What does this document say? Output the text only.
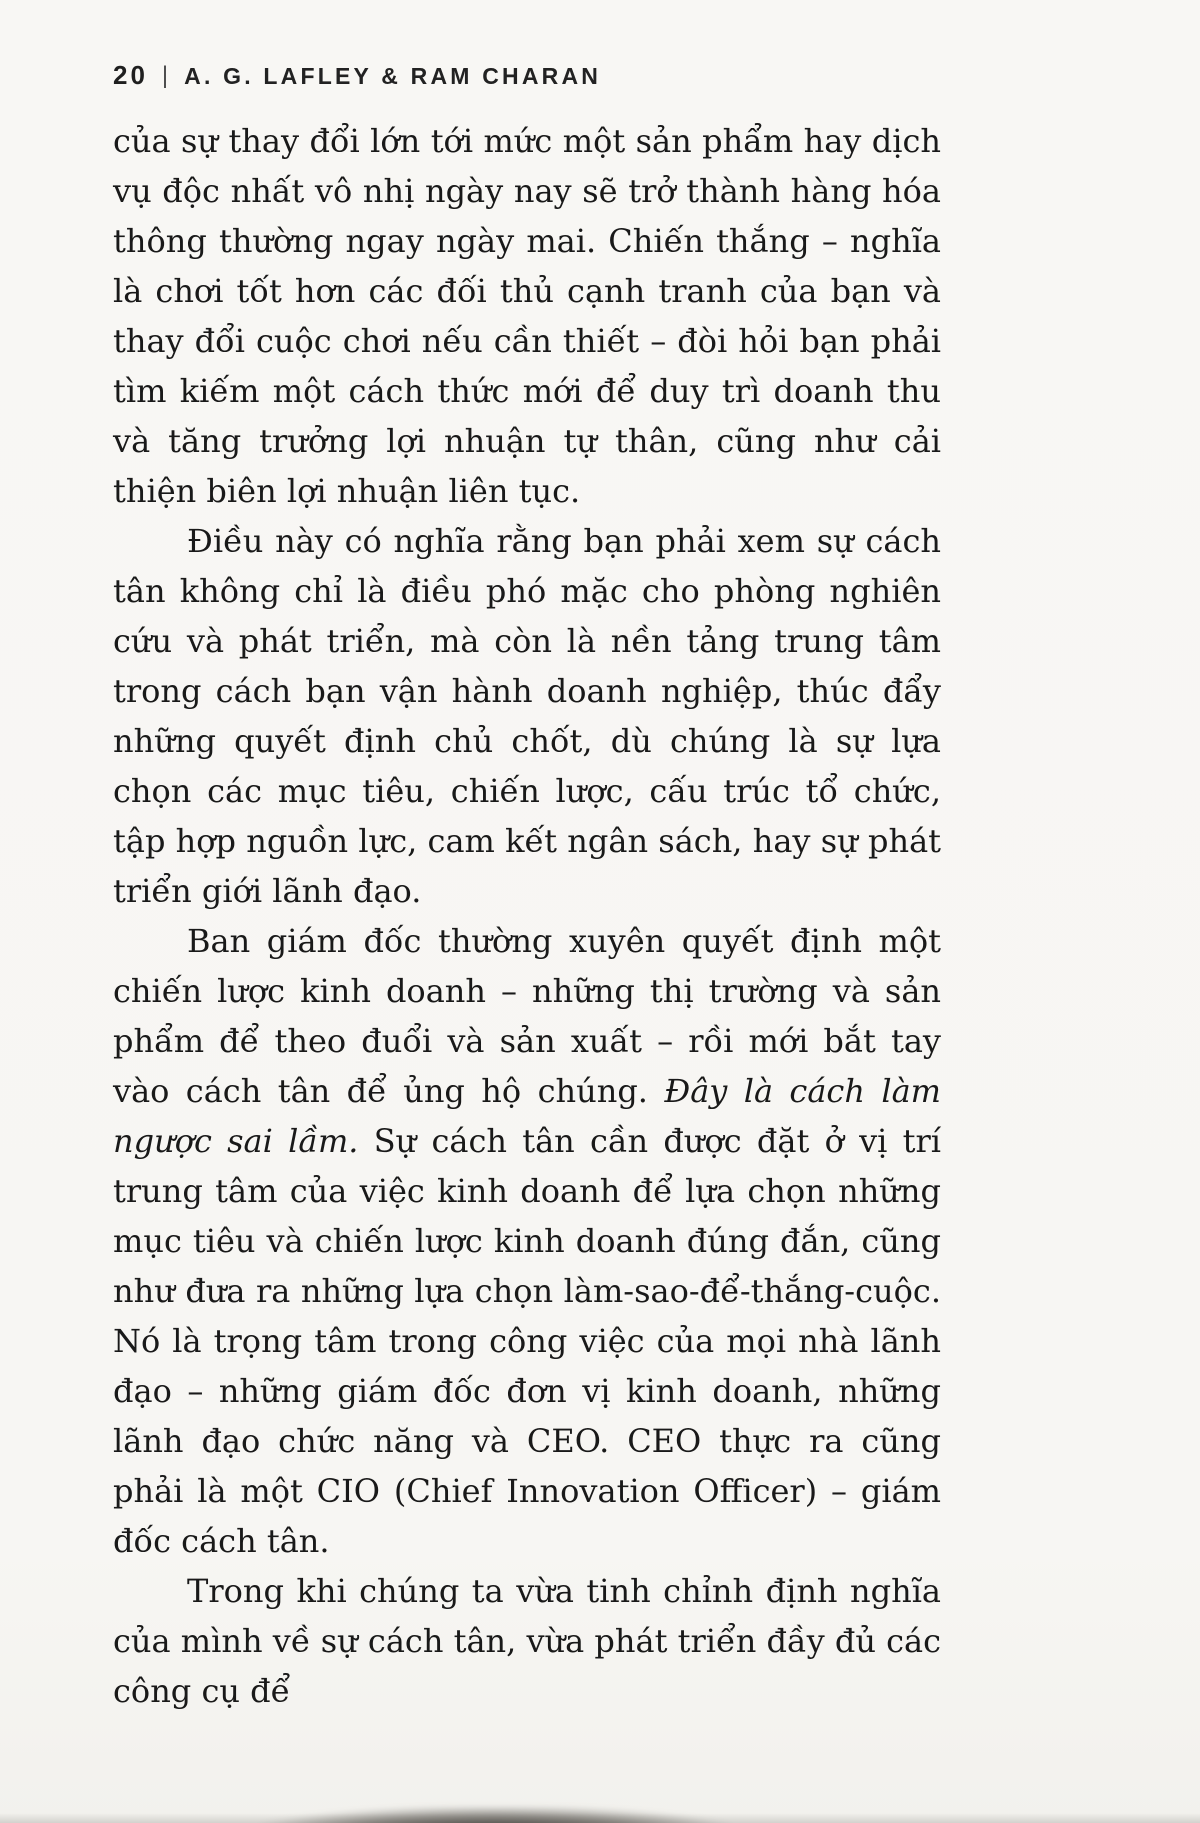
20 | A. G. LAFLEY & RAM CHARAN

của sự thay đổi lớn tới mức một sản phẩm hay dịch vụ độc nhất vô nhị ngày nay sẽ trở thành hàng hóa thông thường ngay ngày mai. Chiến thắng – nghĩa là chơi tốt hơn các đối thủ cạnh tranh của bạn và thay đổi cuộc chơi nếu cần thiết – đòi hỏi bạn phải tìm kiếm một cách thức mới để duy trì doanh thu và tăng trưởng lợi nhuận tự thân, cũng như cải thiện biên lợi nhuận liên tục.

Điều này có nghĩa rằng bạn phải xem sự cách tân không chỉ là điều phó mặc cho phòng nghiên cứu và phát triển, mà còn là nền tảng trung tâm trong cách bạn vận hành doanh nghiệp, thúc đẩy những quyết định chủ chốt, dù chúng là sự lựa chọn các mục tiêu, chiến lược, cấu trúc tổ chức, tập hợp nguồn lực, cam kết ngân sách, hay sự phát triển giới lãnh đạo.

Ban giám đốc thường xuyên quyết định một chiến lược kinh doanh – những thị trường và sản phẩm để theo đuổi và sản xuất – rồi mới bắt tay vào cách tân để ủng hộ chúng. Đây là cách làm ngược sai lầm. Sự cách tân cần được đặt ở vị trí trung tâm của việc kinh doanh để lựa chọn những mục tiêu và chiến lược kinh doanh đúng đắn, cũng như đưa ra những lựa chọn làm-sao-để-thắng-cuộc. Nó là trọng tâm trong công việc của mọi nhà lãnh đạo – những giám đốc đơn vị kinh doanh, những lãnh đạo chức năng và CEO. CEO thực ra cũng phải là một CIO (Chief Innovation Officer) – giám đốc cách tân.

Trong khi chúng ta vừa tinh chỉnh định nghĩa của mình về sự cách tân, vừa phát triển đầy đủ các công cụ để
